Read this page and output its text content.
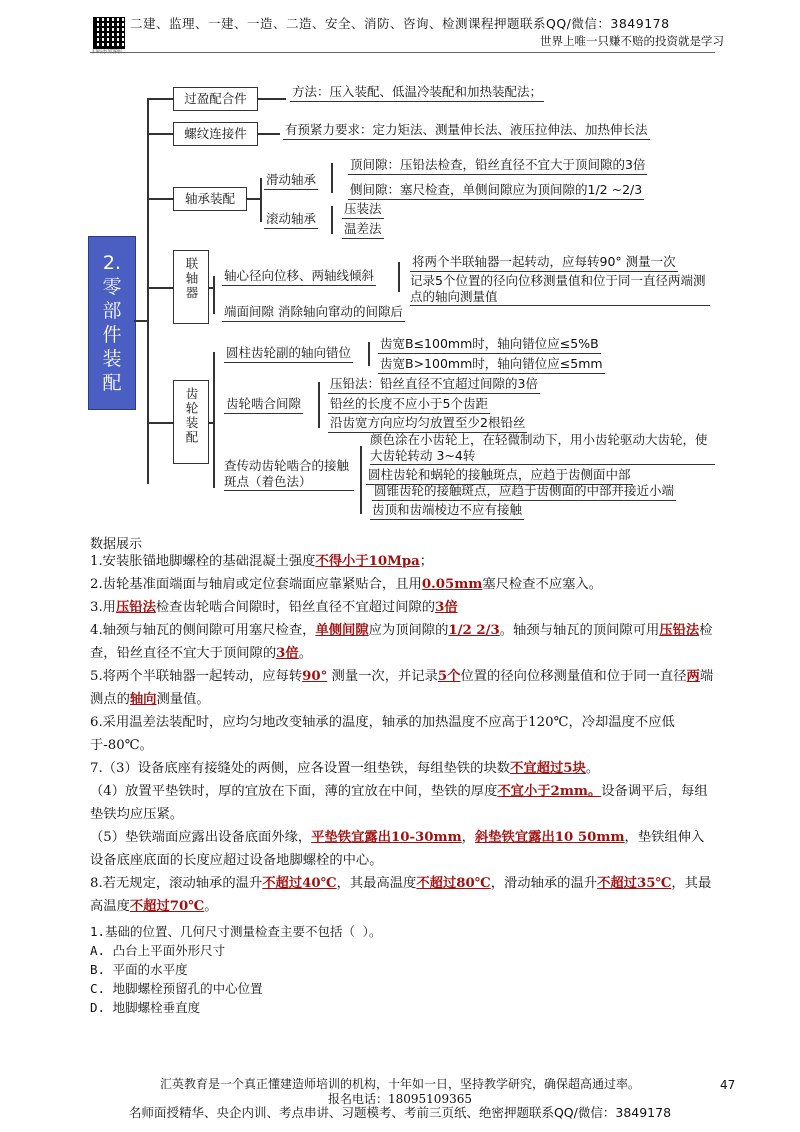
二建、监理、一建、一造、二造、安全、消防、咨询、检测课程押题联系QQ/微信：3849178
世界上唯一只赚不赔的投资就是学习
2. 零部件装配
过盈配合件	方法：压入装配、低温冷装配和加热装配法；
螺纹连接件	有预紧力要求：定力矩法、测量伸长法、液压拉伸法、加热伸长法
轴承装配
滑动轴承
顶间隙：压铅法检查，铅丝直径不宜大于顶间隙的3倍
侧间隙：塞尺检查，单侧间隙应为顶间隙的1/2 ~2/3
滚动轴承
压装法
温差法
联轴器 轴心径向位移、两轴线倾斜
将两个半联轴器一起转动，应每转90° 测量一次
记录5个位置的径向位移测量值和位于同一直径两端测点的轴向测量值
端面间隙 消除轴向窜动的间隙后
齿轮装配
圆柱齿轮副的轴向错位
齿宽B≤100mm时，轴向错位应≤5%B
齿宽B>100mm时，轴向错位应≤5mm
齿轮啮合间隙
压铅法：铅丝直径不宜超过间隙的3倍
铅丝的长度不应小于5个齿距
沿齿宽方向应均匀放置至少2根铅丝
查传动齿轮啮合的接触斑点（着色法）
颜色涂在小齿轮上，在轻微制动下，用小齿轮驱动大齿轮，使大齿轮转动 3~4转
圆柱齿轮和蜗轮的接触斑点，应趋于齿侧面中部
圆锥齿轮的接触斑点，应趋于齿侧面的中部并接近小端
齿顶和齿端棱边不应有接触
数据展示
1.安装胀锚地脚螺栓的基础混凝土强度不得小于10Mpa；
2.齿轮基准面端面与轴肩或定位套端面应靠紧贴合，且用0.05mm塞尺检查不应塞入。
3.用压铅法检查齿轮啮合间隙时，铅丝直径不宜超过间隙的3倍
4.轴颈与轴瓦的侧间隙可用塞尺检查，单侧间隙应为顶间隙的1/2 2/3。轴颈与轴瓦的顶间隙可用压铅法检查，铅丝直径不宜大于顶间隙的3倍。
5.将两个半联轴器一起转动，应每转90° 测量一次，并记录5个位置的径向位移测量值和位于同一直径两端测点的轴向测量值。
6.采用温差法装配时，应均匀地改变轴承的温度，轴承的加热温度不应高于120℃，冷却温度不应低于-80℃。
7.（3）设备底座有接缝处的两侧，应各设置一组垫铁，每组垫铁的块数不宜超过5块。
（4）放置平垫铁时，厚的宜放在下面，薄的宜放在中间，垫铁的厚度不宜小于2mm。设备调平后，每组垫铁均应压紧。
（5）垫铁端面应露出设备底面外缘，平垫铁宜露出10-30mm，斜垫铁宜露出10 50mm，垫铁组伸入设备底座底面的长度应超过设备地脚螺栓的中心。
8.若无规定，滚动轴承的温升不超过40℃，其最高温度不超过80℃，滑动轴承的温升不超过35℃，其最高温度不超过70℃。
1.基础的位置、几何尺寸测量检查主要不包括（ ）。
A. 凸台上平面外形尺寸
B. 平面的水平度
C. 地脚螺栓预留孔的中心位置
D. 地脚螺栓垂直度
汇英教育是一个真正懂建造师培训的机构，十年如一日，坚持教学研究，确保超高通过率。
报名电话：18095109365
名师面授精华、央企内训、考点串讲、习题模考、考前三页纸、绝密押题联系QQ/微信：3849178
47
